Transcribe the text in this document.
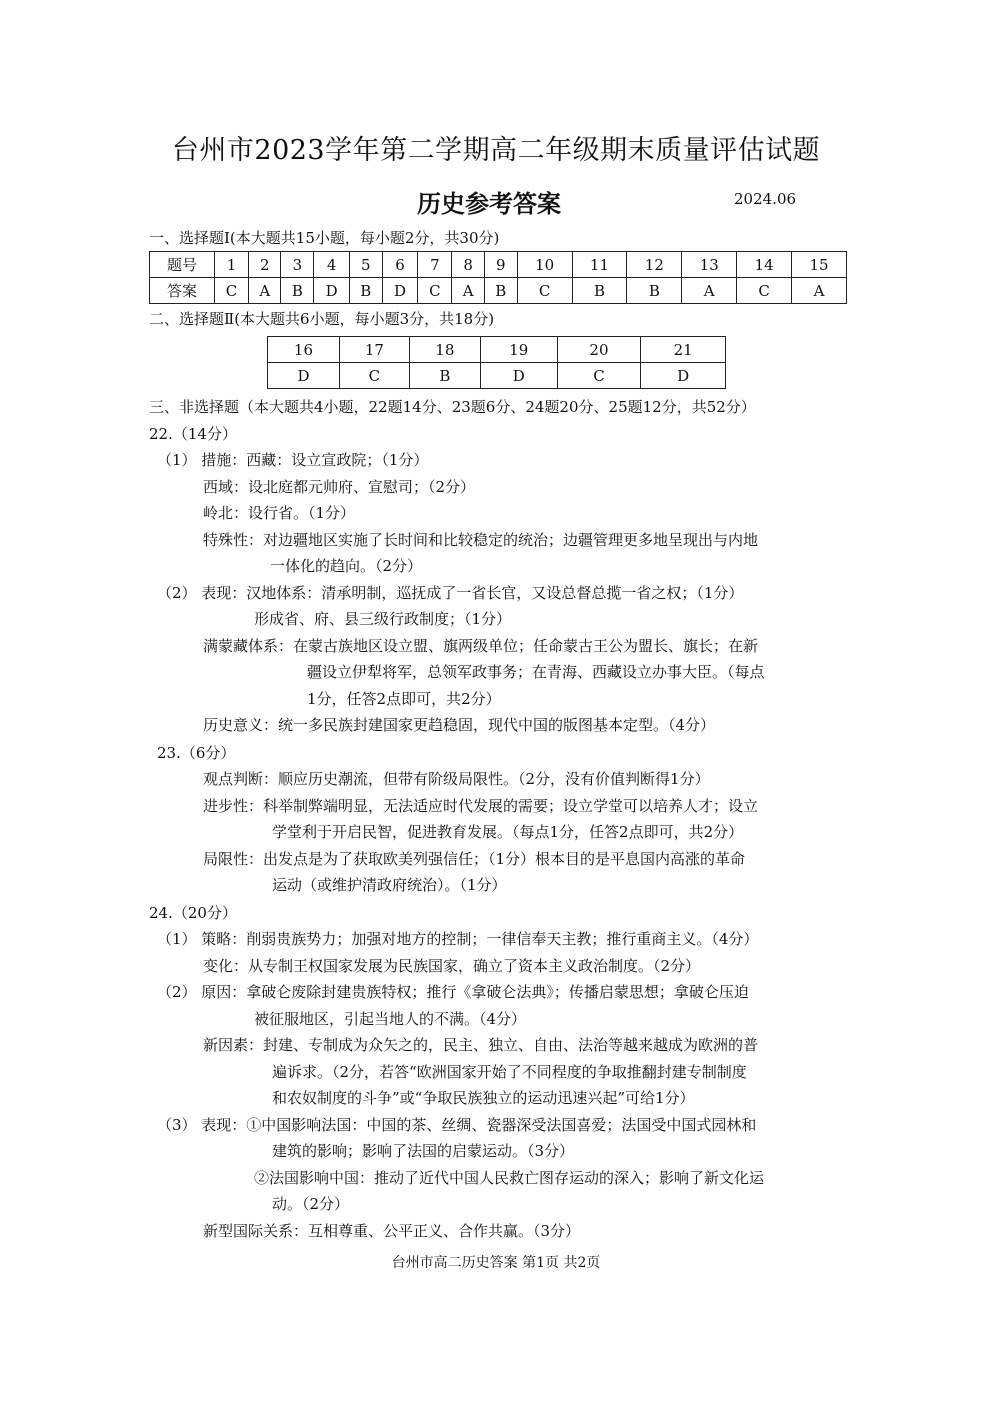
台州市2023学年第二学期高二年级期末质量评估试题
历史参考答案	2024.06
一、选择题Ⅰ(本大题共15小题，每小题2分，共30分)
题号	1	2	3	4	5	6	7	8	9	10	11	12	13	14	15
答案	C	A	B	D	B	D	C	A	B	C	B	B	A	C	A
二、选择题Ⅱ(本大题共6小题，每小题3分，共18分)
16	17	18	19	20	21
D	C	B	D	C	D
三、非选择题（本大题共4小题，22题14分、23题6分、24题20分、25题12分，共52分）
22.（14分）
（1） 措施：西藏：设立宣政院；（1分）
西域：设北庭都元帅府、宣慰司；（2分）
岭北：设行省。（1分）
特殊性：对边疆地区实施了长时间和比较稳定的统治；边疆管理更多地呈现出与内地
一体化的趋向。（2分）
（2） 表现：汉地体系：清承明制，巡抚成了一省长官，又设总督总揽一省之权；（1分）
形成省、府、县三级行政制度；（1分）
满蒙藏体系：在蒙古族地区设立盟、旗两级单位；任命蒙古王公为盟长、旗长；在新
疆设立伊犁将军，总领军政事务；在青海、西藏设立办事大臣。（每点
1分，任答2点即可，共2分）
历史意义：统一多民族封建国家更趋稳固，现代中国的版图基本定型。（4分）
23.（6分）
观点判断：顺应历史潮流，但带有阶级局限性。（2分，没有价值判断得1分）
进步性：科举制弊端明显，无法适应时代发展的需要；设立学堂可以培养人才；设立
学堂利于开启民智，促进教育发展。（每点1分，任答2点即可，共2分）
局限性：出发点是为了获取欧美列强信任；（1分）根本目的是平息国内高涨的革命
运动（或维护清政府统治）。（1分）
24.（20分）
（1） 策略：削弱贵族势力；加强对地方的控制；一律信奉天主教；推行重商主义。（4分）
变化：从专制王权国家发展为民族国家，确立了资本主义政治制度。（2分）
（2） 原因：拿破仑废除封建贵族特权；推行《拿破仑法典》；传播启蒙思想；拿破仑压迫
被征服地区，引起当地人的不满。（4分）
新因素：封建、专制成为众矢之的，民主、独立、自由、法治等越来越成为欧洲的普
遍诉求。（2分，若答“欧洲国家开始了不同程度的争取推翻封建专制制度
和农奴制度的斗争”或“争取民族独立的运动迅速兴起”可给1分）
（3） 表现：①中国影响法国：中国的茶、丝绸、瓷器深受法国喜爱；法国受中国式园林和
建筑的影响；影响了法国的启蒙运动。（3分）
②法国影响中国：推动了近代中国人民救亡图存运动的深入；影响了新文化运
动。（2分）
新型国际关系：互相尊重、公平正义、合作共赢。（3分）
台州市高二历史答案 第1页 共2页
